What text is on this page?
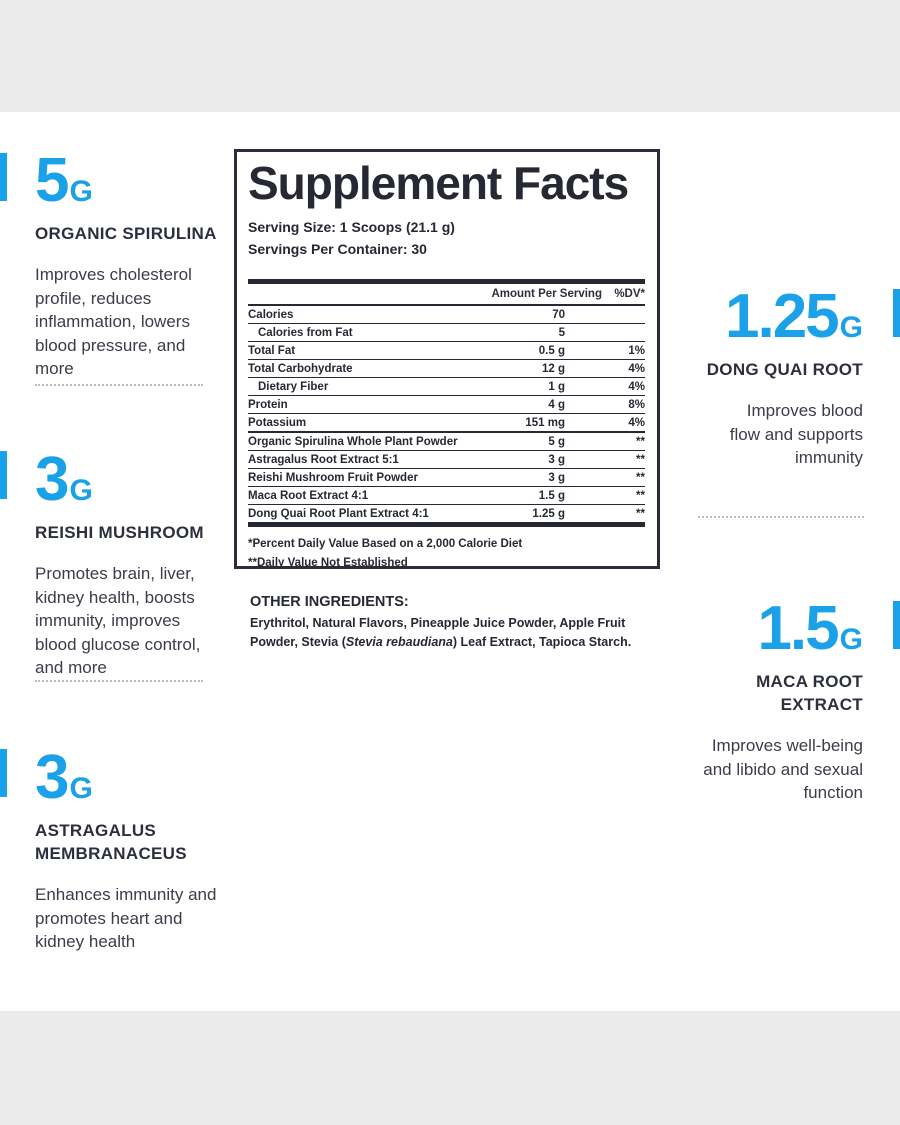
5G
ORGANIC SPIRULINA
Improves cholesterol profile, reduces inflammation, lowers blood pressure, and more
3G
REISHI MUSHROOM
Promotes brain, liver, kidney health, boosts immunity, improves blood glucose control, and more
3G
ASTRAGALUS MEMBRANACEUS
Enhances immunity and promotes heart and kidney health
1.25G
DONG QUAI ROOT
Improves blood flow and supports immunity
1.5G
MACA ROOT EXTRACT
Improves well-being and libido and sexual function
Supplement Facts
Serving Size: 1 Scoops (21.1 g)
Servings Per Container: 30
Amount Per Serving	%DV*
Calories	70
Calories from Fat	5
Total Fat	0.5 g	1%
Total Carbohydrate	12 g	4%
Dietary Fiber	1 g	4%
Protein	4 g	8%
Potassium	151 mg	4%
Organic Spirulina Whole Plant Powder	5 g	**
Astragalus Root Extract 5:1	3 g	**
Reishi Mushroom Fruit Powder	3 g	**
Maca Root Extract 4:1	1.5 g	**
Dong Quai Root Plant Extract 4:1	1.25 g	**
*Percent Daily Value Based on a 2,000 Calorie Diet
**Daily Value Not Established
OTHER INGREDIENTS:
Erythritol, Natural Flavors, Pineapple Juice Powder, Apple Fruit Powder, Stevia (Stevia rebaudiana) Leaf Extract, Tapioca Starch.
